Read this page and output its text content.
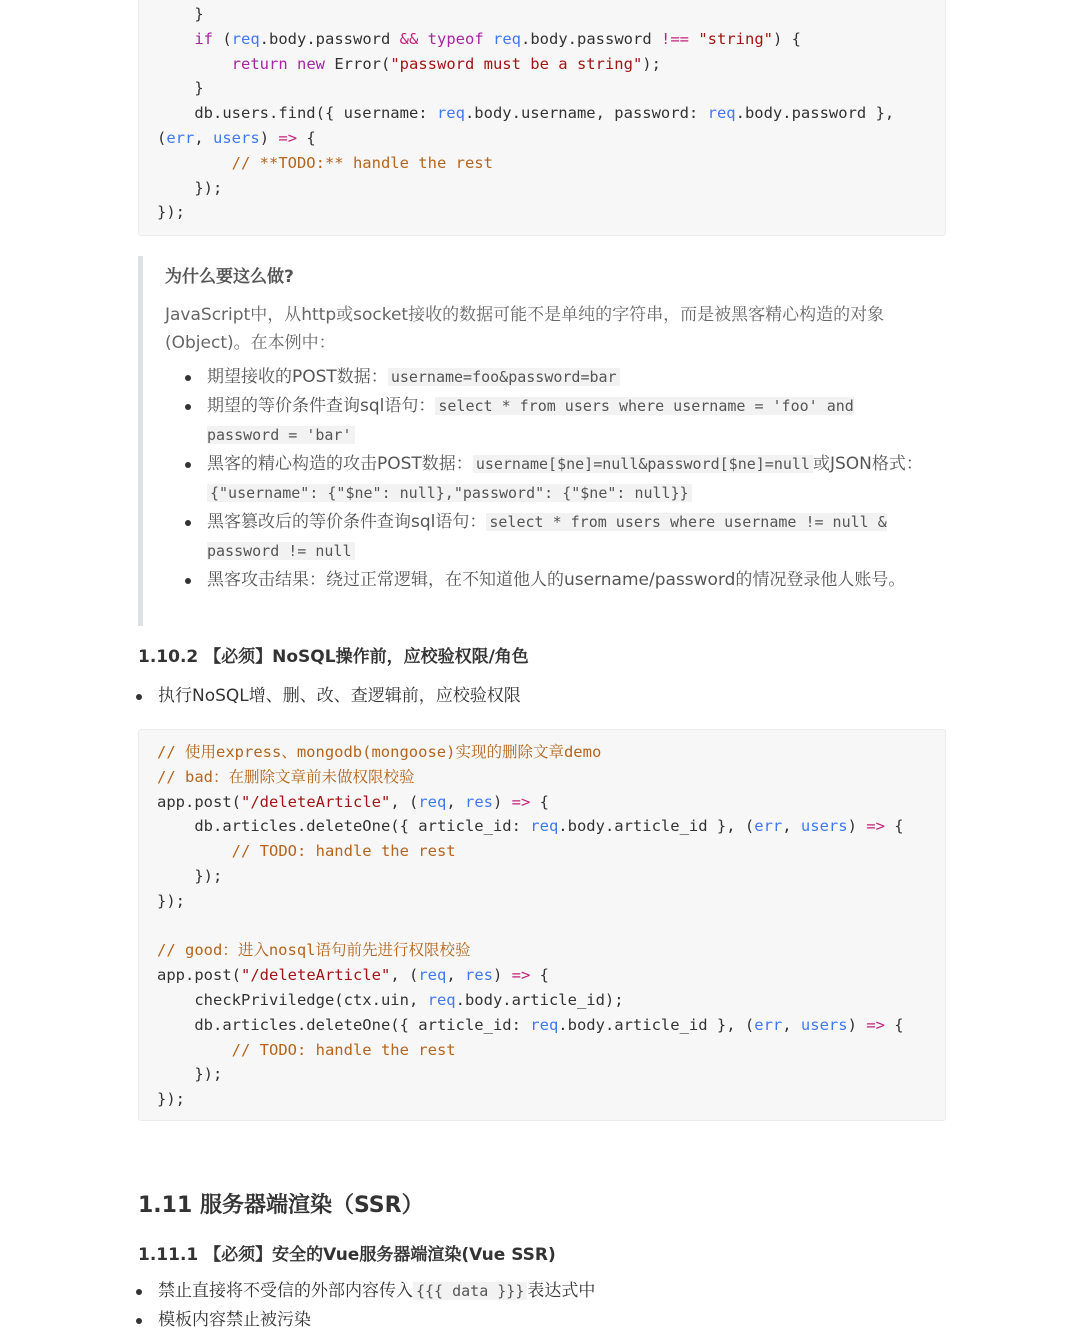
}
if (req.body.password && typeof req.body.password !== "string") {
return new Error("password must be a string");
}
db.users.find({ username: req.body.username, password: req.body.password },
(err, users) => {
// **TODO:** handle the rest
});
});
为什么要这么做?
JavaScript中，从http或socket接收的数据可能不是单纯的字符串，而是被黑客精心构造的对象(Object)。在本例中：
期望接收的POST数据： username=foo&password=bar
期望的等价条件查询sql语句： select * from users where username = 'foo' and password = 'bar'
黑客的精心构造的攻击POST数据： username[$ne]=null&password[$ne]=null 或JSON格式：{"username": {"$ne": null},"password": {"$ne": null}}
黑客篡改后的等价条件查询sql语句： select * from users where username != null & password != null
黑客攻击结果：绕过正常逻辑，在不知道他人的username/password的情况登录他人账号。
1.10.2 【必须】NoSQL操作前，应校验权限/角色
执行NoSQL增、删、改、查逻辑前，应校验权限
// 使用express、mongodb(mongoose)实现的删除文章demo
// bad：在删除文章前未做权限校验
app.post("/deleteArticle", (req, res) => {
db.articles.deleteOne({ article_id: req.body.article_id }, (err, users) => {
// TODO: handle the rest
});
});

// good：进入nosql语句前先进行权限校验
app.post("/deleteArticle", (req, res) => {
checkPriviledge(ctx.uin, req.body.article_id);
db.articles.deleteOne({ article_id: req.body.article_id }, (err, users) => {
// TODO: handle the rest
});
});
1.11 服务器端渲染（SSR）
1.11.1 【必须】安全的Vue服务器端渲染(Vue SSR)
禁止直接将不受信的外部内容传入 {{{ data }}} 表达式中
模板内容禁止被污染
